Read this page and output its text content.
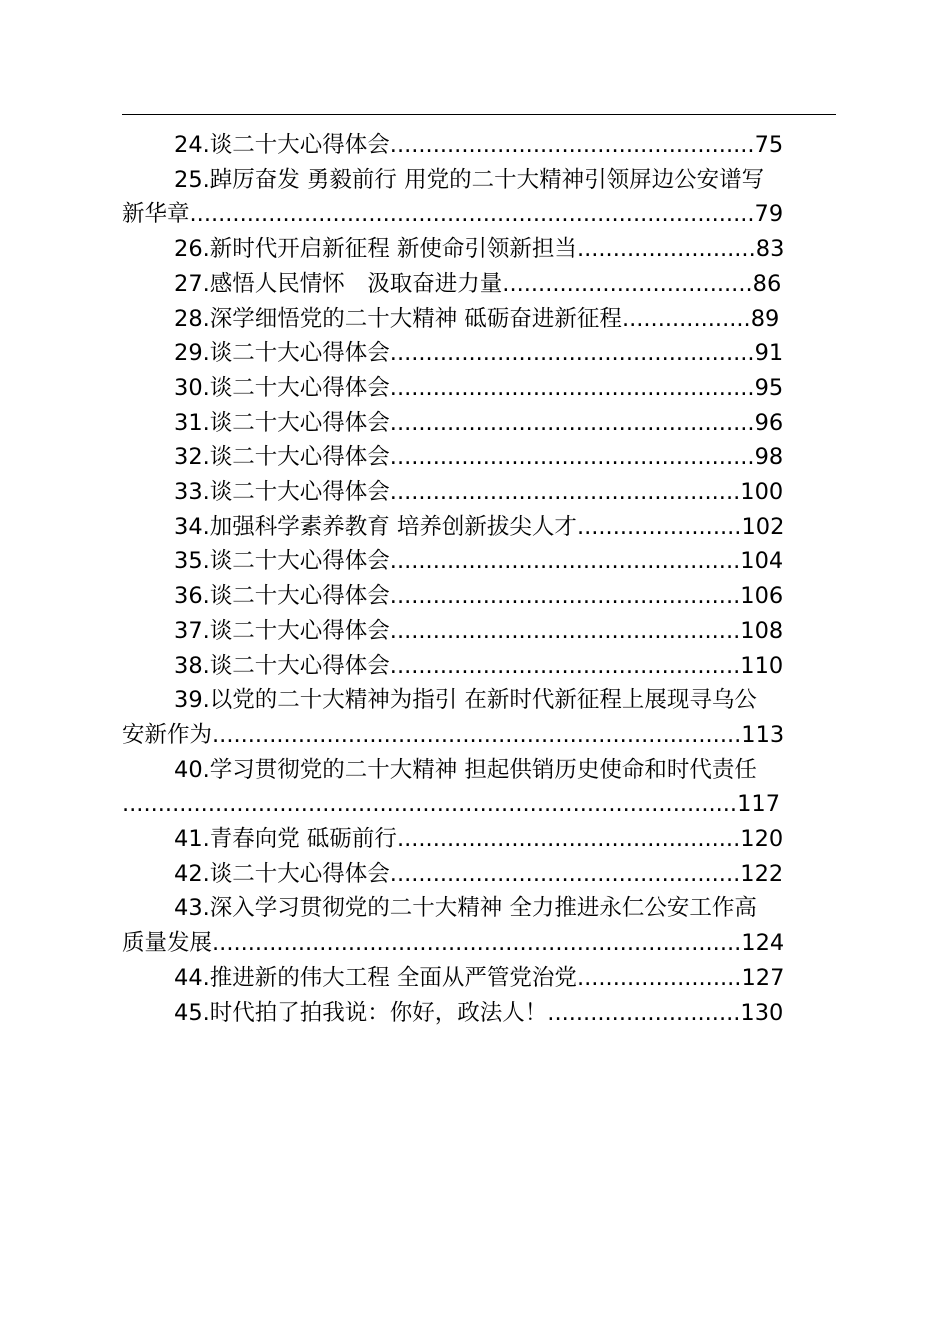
24.谈二十大心得体会...................................................75
25.踔厉奋发 勇毅前行 用党的二十大精神引领屏边公安谱写
新华章...............................................................................79
26.新时代开启新征程 新使命引领新担当.........................83
27.感悟人民情怀　汲取奋进力量...................................86
28.深学细悟党的二十大精神 砥砺奋进新征程..................89
29.谈二十大心得体会...................................................91
30.谈二十大心得体会...................................................95
31.谈二十大心得体会...................................................96
32.谈二十大心得体会...................................................98
33.谈二十大心得体会.................................................100
34.加强科学素养教育 培养创新拔尖人才.......................102
35.谈二十大心得体会.................................................104
36.谈二十大心得体会.................................................106
37.谈二十大心得体会.................................................108
38.谈二十大心得体会.................................................110
39.以党的二十大精神为指引 在新时代新征程上展现寻乌公
安新作为..........................................................................113
40.学习贯彻党的二十大精神 担起供销历史使命和时代责任
......................................................................................117
41.青春向党 砥砺前行................................................120
42.谈二十大心得体会.................................................122
43.深入学习贯彻党的二十大精神 全力推进永仁公安工作高
质量发展..........................................................................124
44.推进新的伟大工程 全面从严管党治党.......................127
45.时代拍了拍我说：你好，政法人！...........................130
